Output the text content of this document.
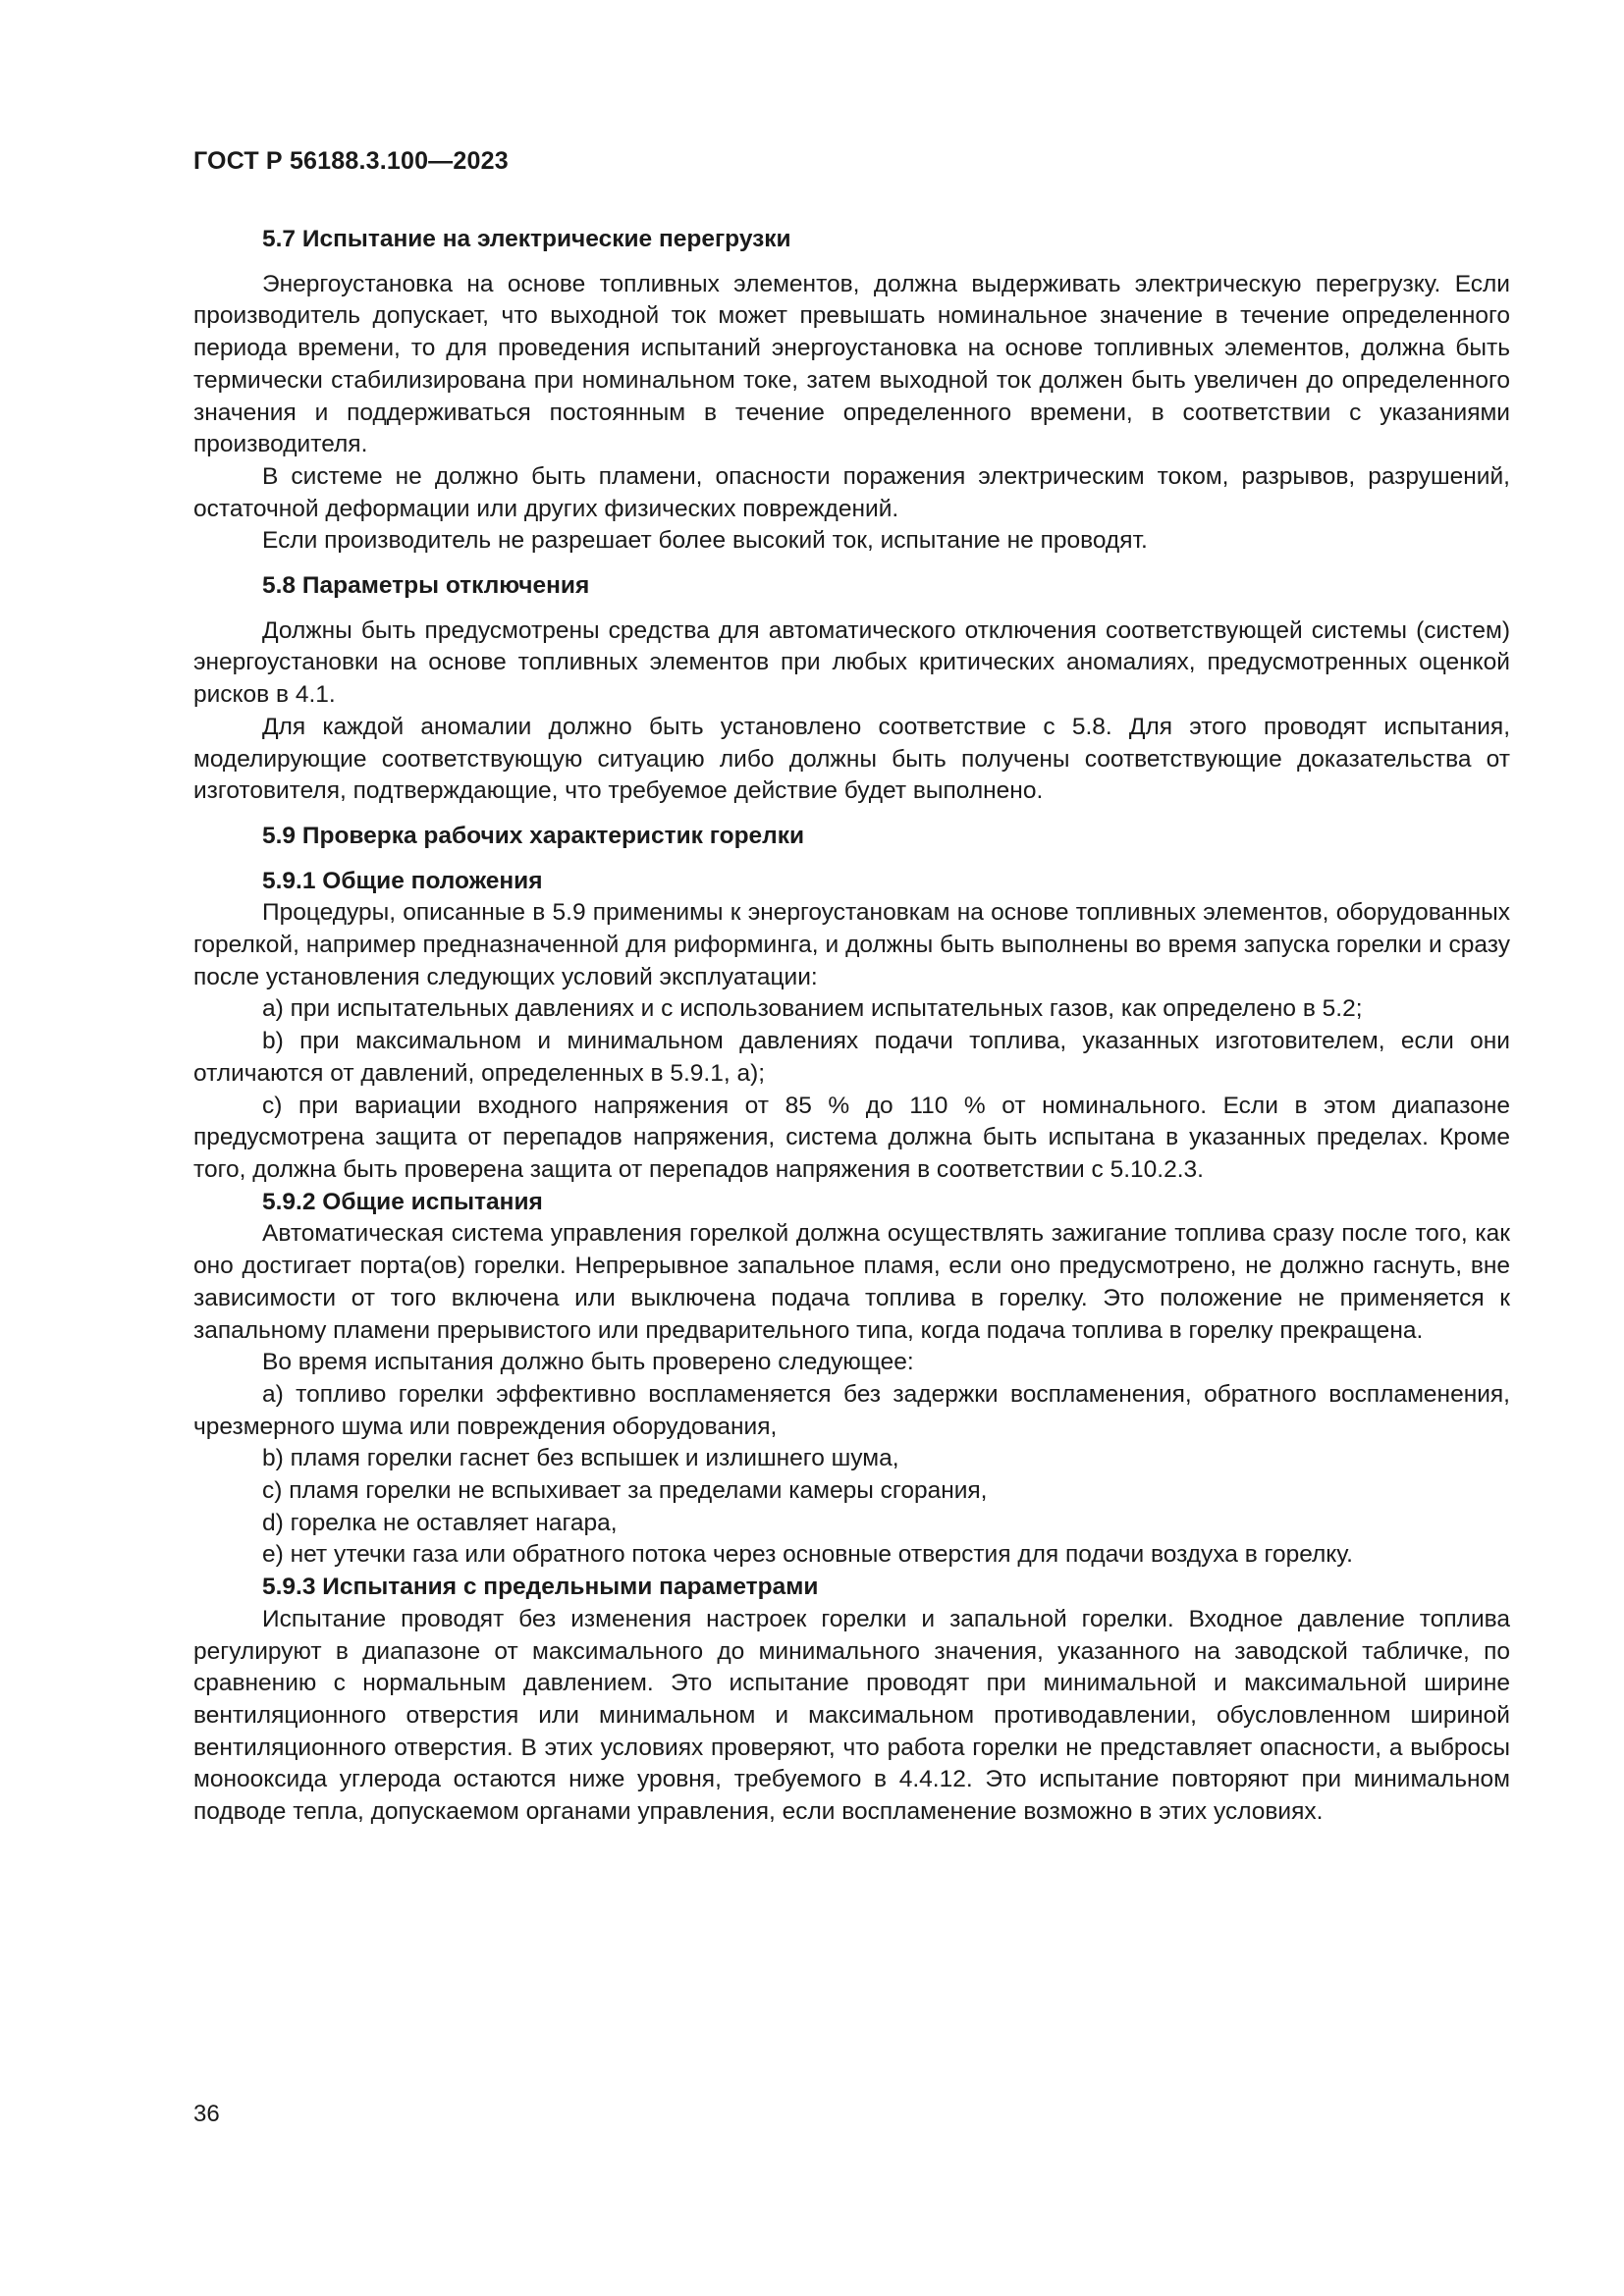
ГОСТ Р 56188.3.100—2023
5.7 Испытание на электрические перегрузки

Энергоустановка на основе топливных элементов, должна выдерживать электрическую перегрузку. Если производитель допускает, что выходной ток может превышать номинальное значение в течение определенного периода времени, то для проведения испытаний энергоустановка на основе топливных элементов, должна быть термически стабилизирована при номинальном токе, затем выходной ток должен быть увеличен до определенного значения и поддерживаться постоянным в течение определенного времени, в соответствии с указаниями производителя.

В системе не должно быть пламени, опасности поражения электрическим током, разрывов, разрушений, остаточной деформации или других физических повреждений.

Если производитель не разрешает более высокий ток, испытание не проводят.

5.8 Параметры отключения

Должны быть предусмотрены средства для автоматического отключения соответствующей системы (систем) энергоустановки на основе топливных элементов при любых критических аномалиях, предусмотренных оценкой рисков в 4.1.

Для каждой аномалии должно быть установлено соответствие с 5.8. Для этого проводят испытания, моделирующие соответствующую ситуацию либо должны быть получены соответствующие доказательства от изготовителя, подтверждающие, что требуемое действие будет выполнено.

5.9 Проверка рабочих характеристик горелки
5.9.1 Общие положения

Процедуры, описанные в 5.9 применимы к энергоустановкам на основе топливных элементов, оборудованных горелкой, например предназначенной для риформинга, и должны быть выполнены во время запуска горелки и сразу после установления следующих условий эксплуатации:

а) при испытательных давлениях и с использованием испытательных газов, как определено в 5.2;

b) при максимальном и минимальном давлениях подачи топлива, указанных изготовителем, если они отличаются от давлений, определенных в 5.9.1, а);

с) при вариации входного напряжения от 85 % до 110 % от номинального. Если в этом диапазоне предусмотрена защита от перепадов напряжения, система должна быть испытана в указанных пределах. Кроме того, должна быть проверена защита от перепадов напряжения в соответствии с 5.10.2.3.

5.9.2 Общие испытания

Автоматическая система управления горелкой должна осуществлять зажигание топлива сразу после того, как оно достигает порта(ов) горелки. Непрерывное запальное пламя, если оно предусмотрено, не должно гаснуть, вне зависимости от того включена или выключена подача топлива в горелку. Это положение не применяется к запальному пламени прерывистого или предварительного типа, когда подача топлива в горелку прекращена.

Во время испытания должно быть проверено следующее:

а) топливо горелки эффективно воспламеняется без задержки воспламенения, обратного воспламенения, чрезмерного шума или повреждения оборудования,

b) пламя горелки гаснет без вспышек и излишнего шума,

с) пламя горелки не вспыхивает за пределами камеры сгорания,

d) горелка не оставляет нагара,

е) нет утечки газа или обратного потока через основные отверстия для подачи воздуха в горелку.

5.9.3 Испытания с предельными параметрами

Испытание проводят без изменения настроек горелки и запальной горелки. Входное давление топлива регулируют в диапазоне от максимального до минимального значения, указанного на заводской табличке, по сравнению с нормальным давлением. Это испытание проводят при минимальной и максимальной ширине вентиляционного отверстия или минимальном и максимальном противодавлении, обусловленном шириной вентиляционного отверстия. В этих условиях проверяют, что работа горелки не представляет опасности, а выбросы монооксида углерода остаются ниже уровня, требуемого в 4.4.12. Это испытание повторяют при минимальном подводе тепла, допускаемом органами управления, если воспламенение возможно в этих условиях.

36
